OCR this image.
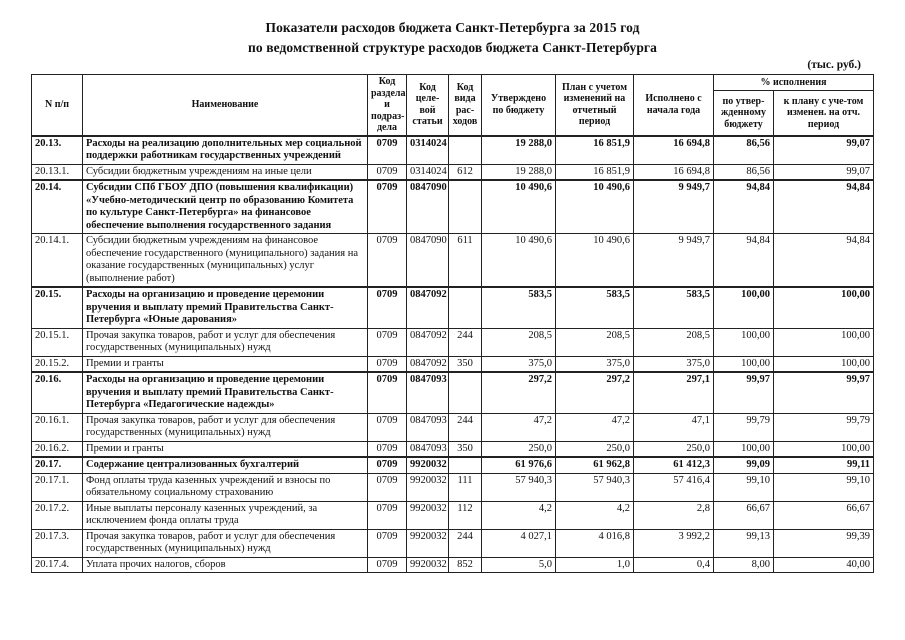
Показатели расходов бюджета Санкт-Петербурга за 2015 год
по ведомственной структуре расходов бюджета Санкт-Петербурга
(тыс. руб.)
N п/п	Наименование	Код раздела и подраз-дела	Код целе-вой статьи	Код вида рас-ходов	Утверждено по бюджету	План с учетом изменений на отчетный период	Исполнено с начала года	% исполнения	
								по утвер-жденному бюджету	к плану с уче-том изменен. на отч. период
20.13.	Расходы на реализацию дополнительных мер социальной поддержки работникам государственных учреждений	0709	0314024		19 288,0	16 851,9	16 694,8	86,56	99,07
20.13.1.	Субсидии бюджетным учреждениям на иные цели	0709	0314024	612	19 288,0	16 851,9	16 694,8	86,56	99,07
20.14.	Субсидии СПб ГБОУ ДПО (повышения квалификации) «Учебно-методический центр по образованию Комитета по культуре Санкт-Петербурга» на финансовое обеспечение выполнения государственного задания	0709	0847090		10 490,6	10 490,6	9 949,7	94,84	94,84
20.14.1.	Субсидии бюджетным учреждениям на финансовое обеспечение государственного (муниципального) задания на оказание государственных (муниципальных) услуг (выполнение работ)	0709	0847090	611	10 490,6	10 490,6	9 949,7	94,84	94,84
20.15.	Расходы на организацию и проведение церемонии вручения и выплату премий Правительства Санкт-Петербурга «Юные дарования»	0709	0847092		583,5	583,5	583,5	100,00	100,00
20.15.1.	Прочая закупка товаров, работ и услуг для обеспечения государственных (муниципальных) нужд	0709	0847092	244	208,5	208,5	208,5	100,00	100,00
20.15.2.	Премии и гранты	0709	0847092	350	375,0	375,0	375,0	100,00	100,00
20.16.	Расходы на организацию и проведение церемонии вручения и выплату премий Правительства Санкт-Петербурга «Педагогические надежды»	0709	0847093		297,2	297,2	297,1	99,97	99,97
20.16.1.	Прочая закупка товаров, работ и услуг для обеспечения государственных (муниципальных) нужд	0709	0847093	244	47,2	47,2	47,1	99,79	99,79
20.16.2.	Премии и гранты	0709	0847093	350	250,0	250,0	250,0	100,00	100,00
20.17.	Содержание централизованных бухгалтерий	0709	9920032		61 976,6	61 962,8	61 412,3	99,09	99,11
20.17.1.	Фонд оплаты труда казенных учреждений и взносы по обязательному социальному страхованию	0709	9920032	111	57 940,3	57 940,3	57 416,4	99,10	99,10
20.17.2.	Иные выплаты персоналу казенных учреждений, за исключением фонда оплаты труда	0709	9920032	112	4,2	4,2	2,8	66,67	66,67
20.17.3.	Прочая закупка товаров, работ и услуг для обеспечения государственных (муниципальных) нужд	0709	9920032	244	4 027,1	4 016,8	3 992,2	99,13	99,39
20.17.4.	Уплата прочих налогов, сборов	0709	9920032	852	5,0	1,0	0,4	8,00	40,00
